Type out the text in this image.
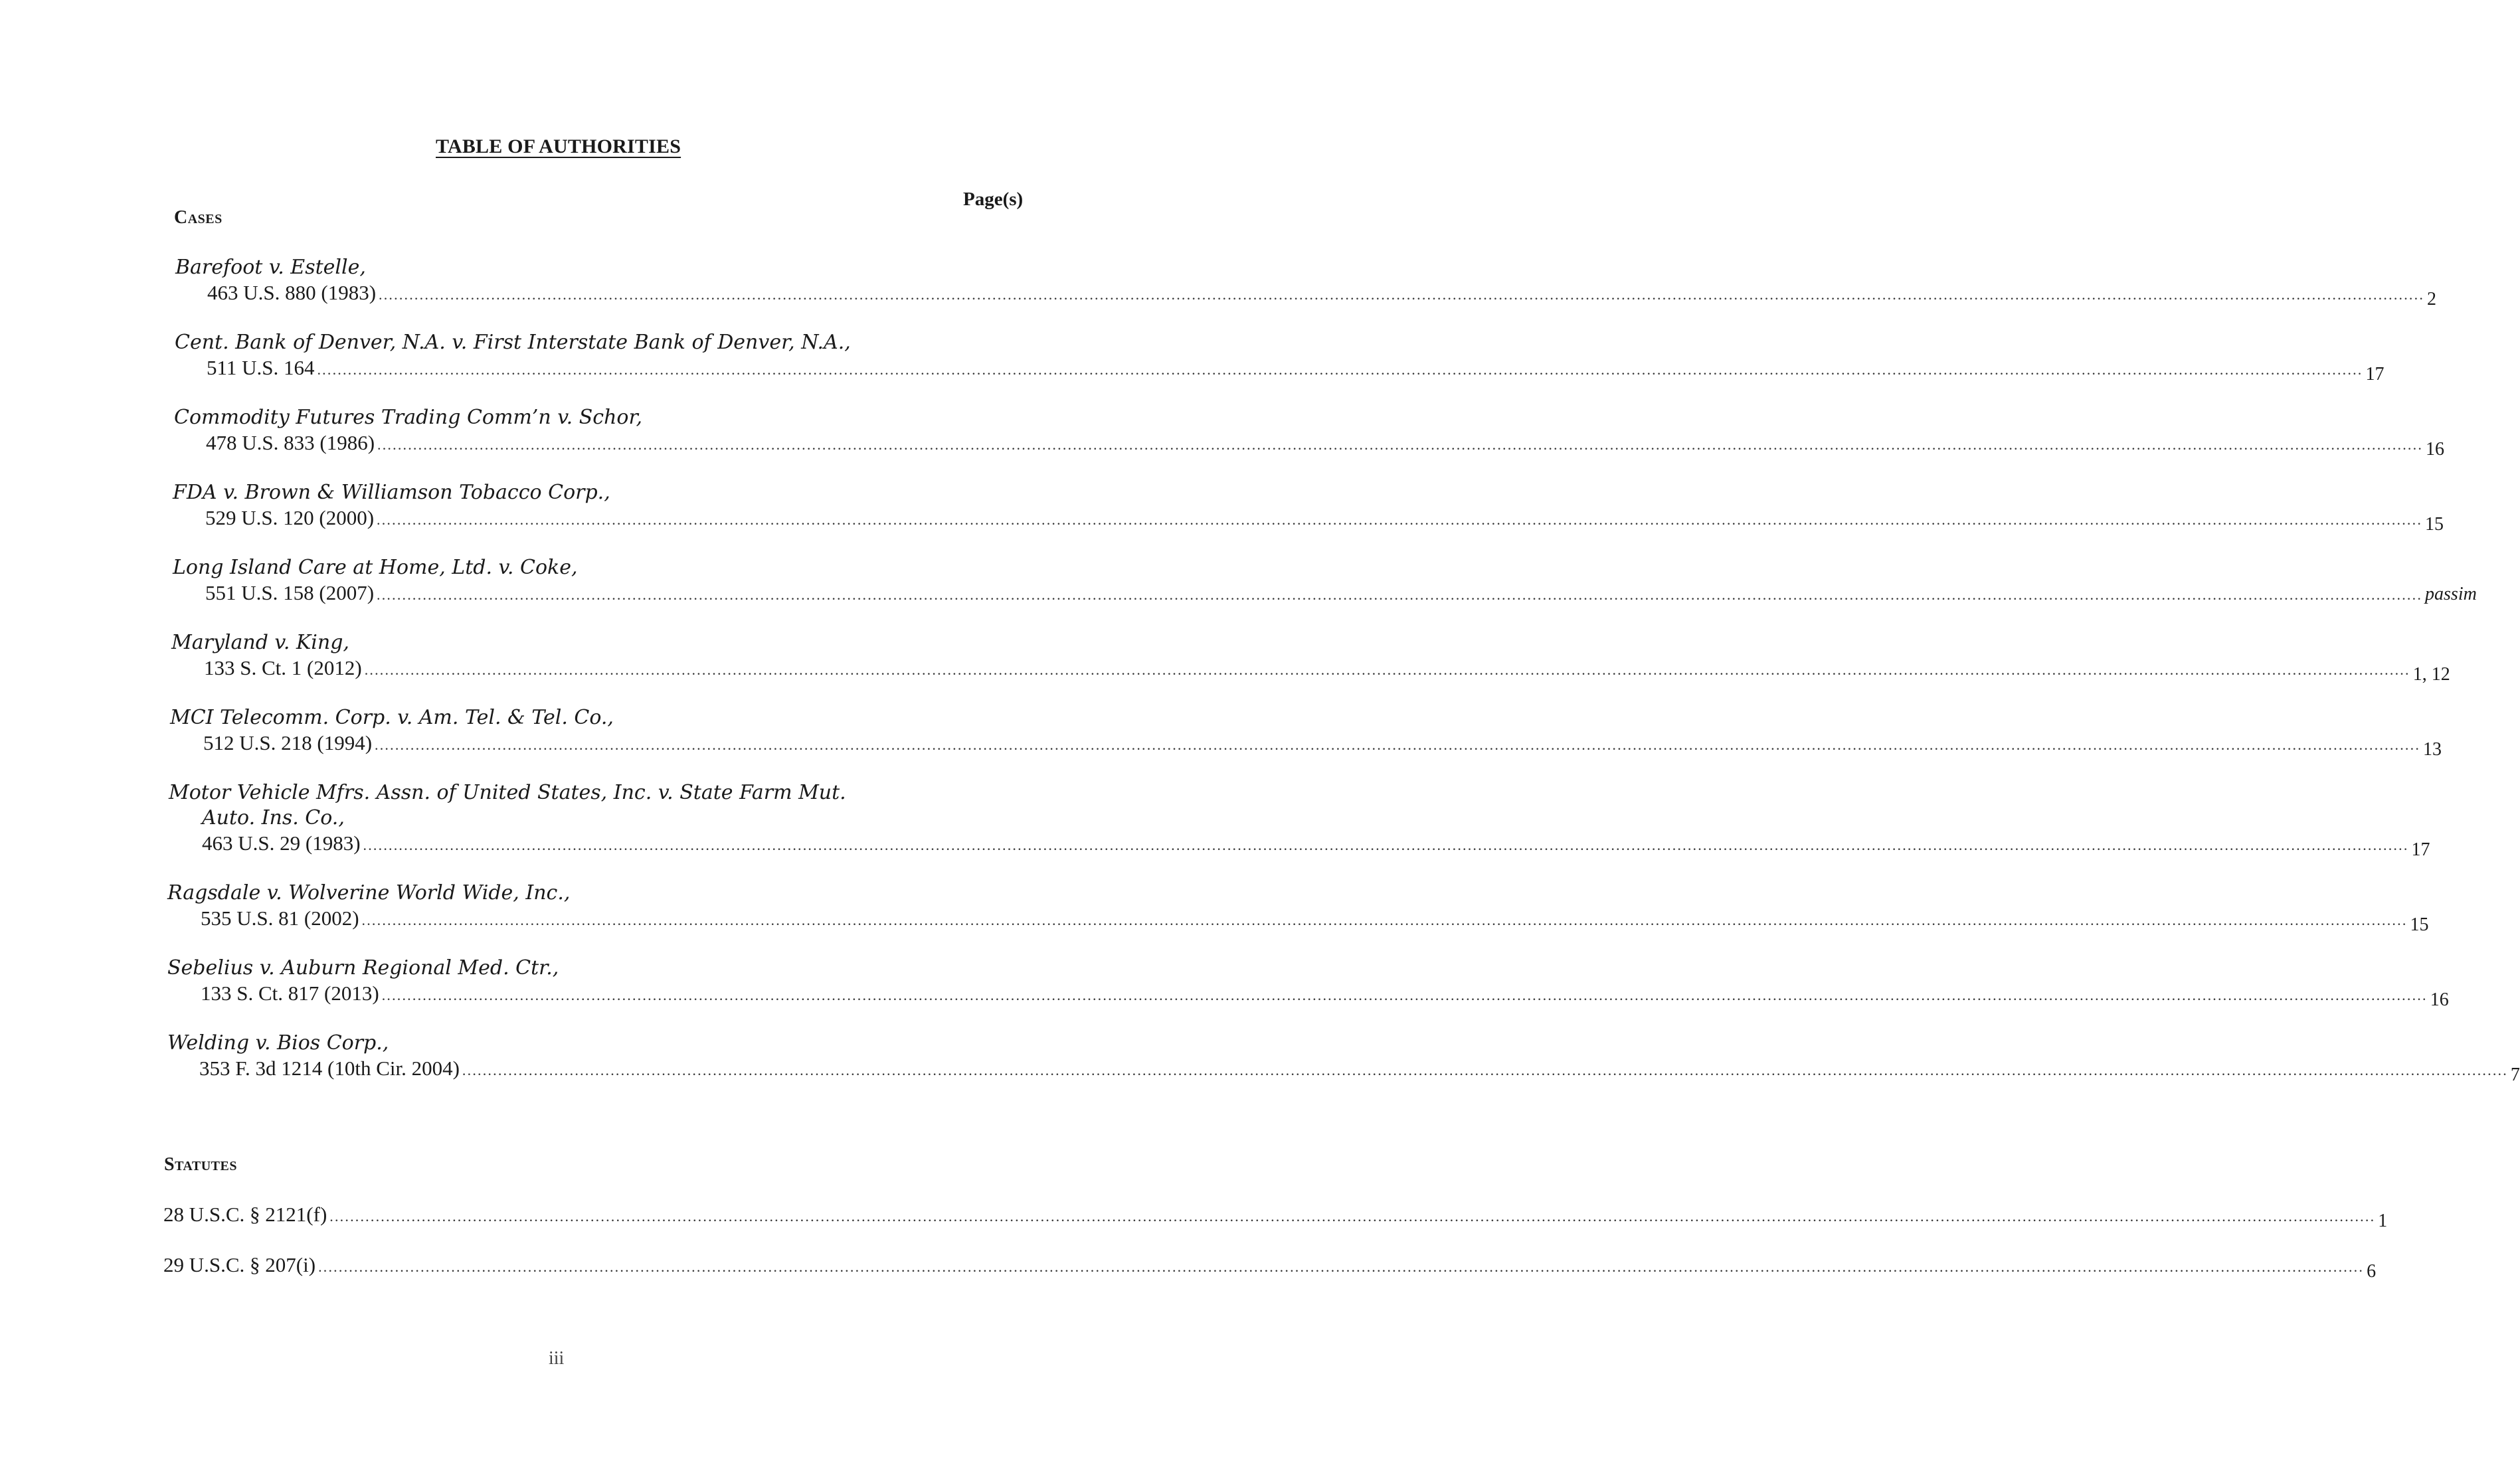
TABLE OF AUTHORITIES
Page(s)
Cases
Barefoot v. Estelle,
463 U.S. 880 (1983) ................................................................................................................................................................................................................................................................................................................................................................................................................ 2
Cent. Bank of Denver, N.A. v. First Interstate Bank of Denver, N.A.,
511 U.S. 164 ................................................................................................................................................................................................................................................................................................................................................................................................................ 17
Commodity Futures Trading Comm’n v. Schor,
478 U.S. 833 (1986) ................................................................................................................................................................................................................................................................................................................................................................................................................ 16
FDA v. Brown & Williamson Tobacco Corp.,
529 U.S. 120 (2000) ................................................................................................................................................................................................................................................................................................................................................................................................................ 15
Long Island Care at Home, Ltd. v. Coke,
551 U.S. 158 (2007) ................................................................................................................................................................................................................................................................................................................................................................................................................ passim
Maryland v. King,
133 S. Ct. 1 (2012) ................................................................................................................................................................................................................................................................................................................................................................................................................ 1, 12
MCI Telecomm. Corp. v. Am. Tel. & Tel. Co.,
512 U.S. 218 (1994) ................................................................................................................................................................................................................................................................................................................................................................................................................ 13
Motor Vehicle Mfrs. Assn. of United States, Inc. v. State Farm Mut.
Auto. Ins. Co.,
463 U.S. 29 (1983) ................................................................................................................................................................................................................................................................................................................................................................................................................ 17
Ragsdale v. Wolverine World Wide, Inc.,
535 U.S. 81 (2002) ................................................................................................................................................................................................................................................................................................................................................................................................................ 15
Sebelius v. Auburn Regional Med. Ctr.,
133 S. Ct. 817 (2013) ................................................................................................................................................................................................................................................................................................................................................................................................................ 16
Welding v. Bios Corp.,
353 F. 3d 1214 (10th Cir. 2004) ................................................................................................................................................................................................................................................................................................................................................................................................................ 7
Statutes
28 U.S.C. § 2121(f) ................................................................................................................................................................................................................................................................................................................................................................................................................ 1
29 U.S.C. § 207(i) ................................................................................................................................................................................................................................................................................................................................................................................................................ 6
iii
